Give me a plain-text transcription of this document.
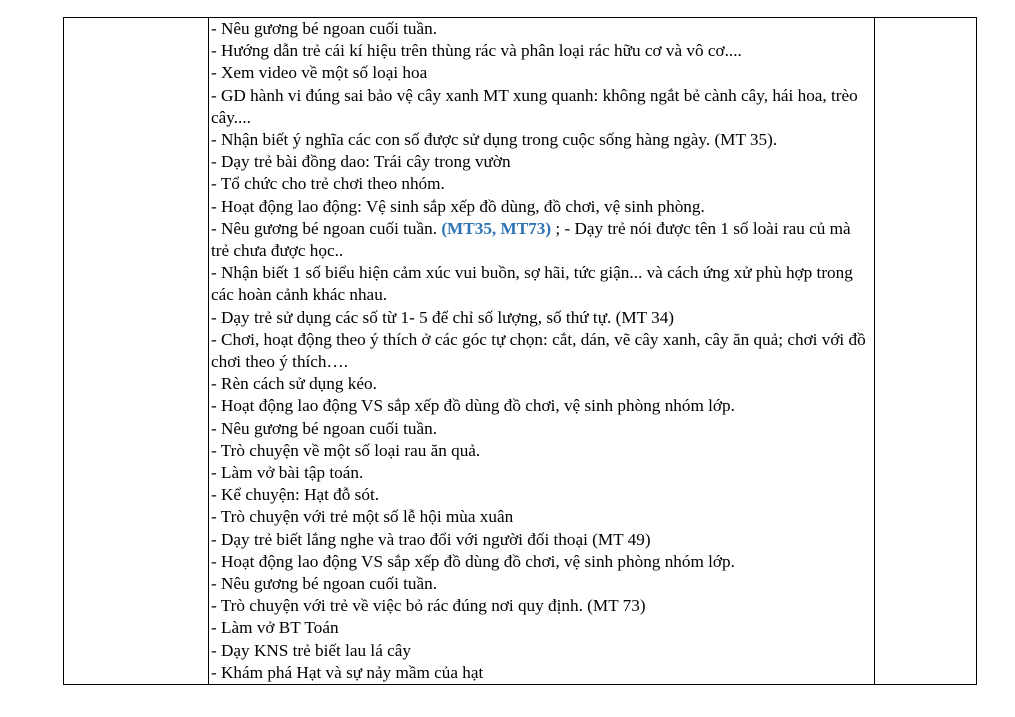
- Nêu gương bé ngoan cuối tuần.

- Hướng dẫn trẻ cái kí hiệu trên thùng rác và phân loại rác hữu cơ và vô cơ....

- Xem video về một số loại hoa

- GD hành vi đúng sai bảo vệ cây xanh MT xung quanh: không ngắt bẻ cành cây, hái hoa, trèo cây....

- Nhận biết ý nghĩa các con số được sử dụng trong cuộc sống hàng ngày. (MT 35).

- Dạy trẻ bài đồng dao: Trái cây trong vườn

- Tổ chức cho trẻ chơi theo nhóm.

- Hoạt động lao động: Vệ sinh sắp xếp đồ dùng, đồ chơi, vệ sinh phòng.

- Nêu gương bé ngoan cuối tuần. (MT35, MT73) ; - Dạy trẻ nói được tên 1 số loài rau củ mà trẻ chưa được học..

- Nhận biết 1 số biểu hiện cảm xúc vui buồn, sợ hãi, tức giận... và cách ứng xử phù hợp trong các hoàn cảnh khác nhau.

- Dạy trẻ sử dụng các số từ 1- 5 để chỉ số lượng, số thứ tự. (MT 34)

- Chơi, hoạt động theo ý thích ở các góc tự chọn: cắt, dán, vẽ cây xanh, cây ăn quả; chơi với đồ chơi theo ý thích….

- Rèn cách sử dụng kéo.

- Hoạt động lao động VS sắp xếp đồ dùng đồ chơi, vệ sinh phòng nhóm lớp.

- Nêu gương bé ngoan cuối tuần.

- Trò chuyện về một số loại rau ăn quả.

- Làm vở bài tập toán.

- Kể chuyện: Hạt đỗ sót.

- Trò chuyện với trẻ một số lễ hội mùa xuân

- Dạy trẻ biết lắng nghe và trao đổi với người đối thoại (MT 49)

- Hoạt động lao động VS sắp xếp đồ dùng đồ chơi, vệ sinh phòng nhóm lớp.

- Nêu gương bé ngoan cuối tuần.

- Trò chuyện với trẻ về việc bỏ rác đúng nơi quy định. (MT 73)

- Làm vở BT Toán

- Dạy KNS trẻ biết lau lá cây

- Khám phá Hạt và sự nảy mầm của hạt
